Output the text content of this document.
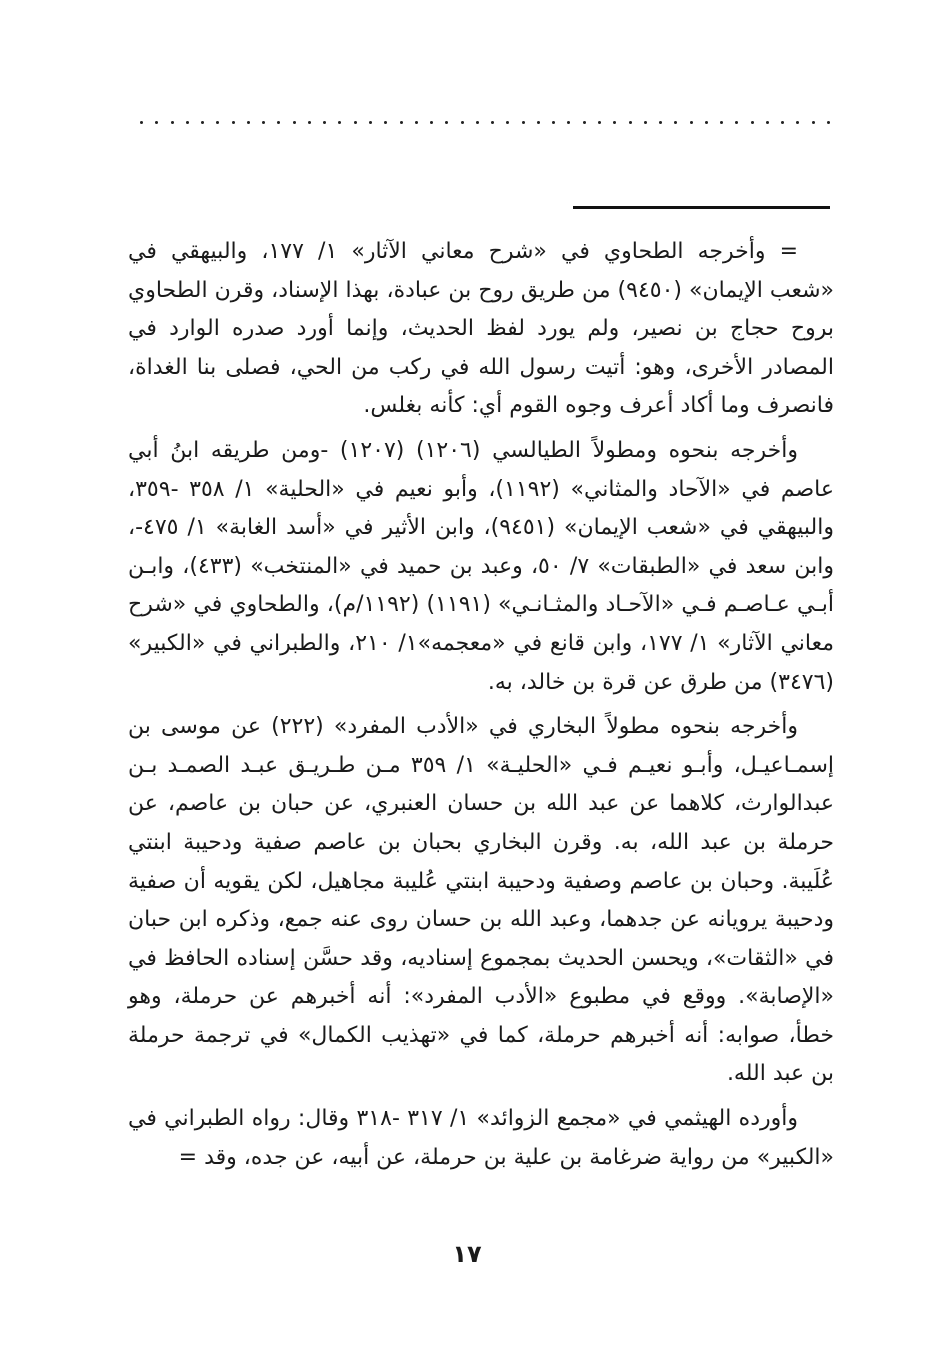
= وأخرجه الطحاوي في «شرح معاني الآثار» ١/ ١٧٧، والبيهقي في «شعب الإيمان» (٩٤٥٠) من طريق روح بن عبادة، بهذا الإسناد، وقرن الطحاوي بروح حجاج بن نصير، ولم يورد لفظ الحديث، وإنما أورد صدره الوارد في المصادر الأخرى، وهو: أتيت رسول الله في ركب من الحي، فصلى بنا الغداة، فانصرف وما أكاد أعرف وجوه القوم أي: كأنه بغلس.

وأخرجه بنحوه ومطولاً الطيالسي (١٢٠٦) (١٢٠٧) -ومن طريقه ابنُ أبي عاصم في «الآحاد والمثاني» (١١٩٢)، وأبو نعيم في «الحلية» ١/ ٣٥٨ -٣٥٩، والبيهقي في «شعب الإيمان» (٩٤٥١)، وابن الأثير في «أسد الغابة» ١/ ٤٧٥-، وابن سعد في «الطبقات» ٧/ ٥٠، وعبد بن حميد في «المنتخب» (٤٣٣)، وابـن أبـي عـاصـم فـي «الآحـاد والمثـانـي» (١١٩١) (١١٩٢/م)، والطحاوي في «شرح معاني الآثار» ١/ ١٧٧، وابن قانع في «معجمه»١/ ٢١٠، والطبراني في «الكبير» (٣٤٧٦) من طرق عن قرة بن خالد، به.

وأخرجه بنحوه مطولاً البخاري في «الأدب المفرد» (٢٢٢) عن موسى بن إسمـاعيـل، وأبـو نعيـم فـي «الحليـة» ١/ ٣٥٩ مـن طـريـق عبـد الصمـد بـن عبدالوارث، كلاهما عن عبد الله بن حسان العنبري، عن حبان بن عاصم، عن حرملة بن عبد الله، به. وقرن البخاري بحبان بن عاصم صفية ودحيبة ابنتي عُلَيبة. وحبان بن عاصم وصفية ودحيبة ابنتي عُليبة مجاهيل، لكن يقويه أن صفية ودحيبة يرويانه عن جدهما، وعبد الله بن حسان روى عنه جمع، وذكره ابن حبان في «الثقات»، ويحسن الحديث بمجموع إسناديه، وقد حسَّن إسناده الحافظ في «الإصابة». ووقع في مطبوع «الأدب المفرد»: أنه أخبرهم عن حرملة، وهو خطأ، صوابه: أنه أخبرهم حرملة، كما في «تهذيب الكمال» في ترجمة حرملة بن عبد الله.

وأورده الهيثمي في «مجمع الزوائد» ١/ ٣١٧ -٣١٨ وقال: رواه الطبراني في «الكبير» من رواية ضرغامة بن علية بن حرملة، عن أبيه، عن جده، وقد =

١٧
